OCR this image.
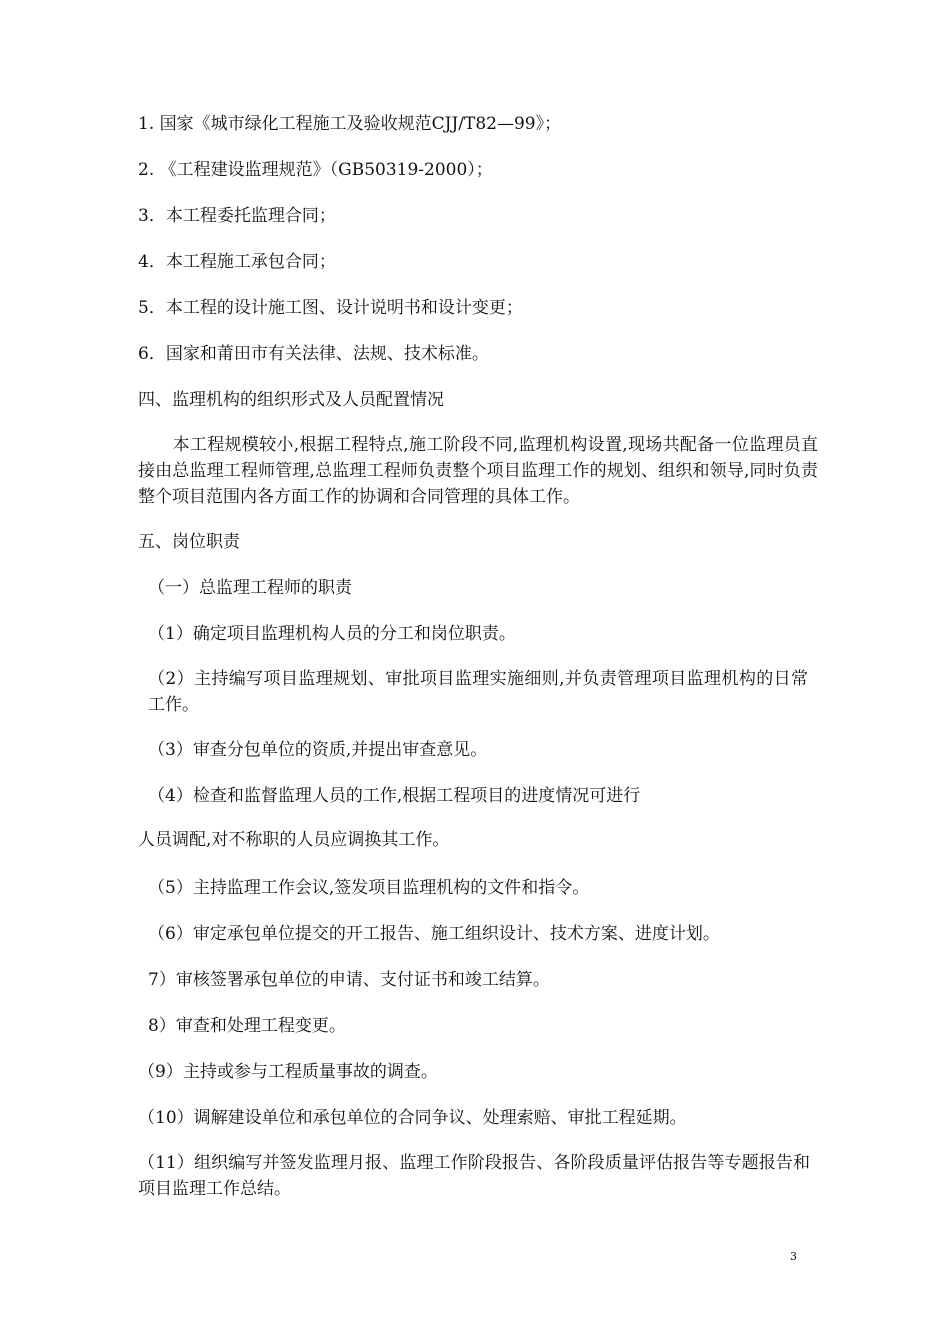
1. 国家《城市绿化工程施工及验收规范CJJ/T82—99》；
2. 《工程建设监理规范》（GB50319-2000）；
3．本工程委托监理合同；
4．本工程施工承包合同；
5．本工程的设计施工图、设计说明书和设计变更；
6．国家和莆田市有关法律、法规、技术标准。
四、监理机构的组织形式及人员配置情况
　　本工程规模较小,根据工程特点,施工阶段不同,监理机构设置,现场共配备一位监理员直接由总监理工程师管理,总监理工程师负责整个项目监理工作的规划、组织和领导,同时负责整个项目范围内各方面工作的协调和合同管理的具体工作。
五、岗位职责
（一）总监理工程师的职责
（1）确定项目监理机构人员的分工和岗位职责。
（2）主持编写项目监理规划、审批项目监理实施细则,并负责管理项目监理机构的日常工作。
（3）审查分包单位的资质,并提出审查意见。
（4）检查和监督监理人员的工作,根据工程项目的进度情况可进行
人员调配,对不称职的人员应调换其工作。
（5）主持监理工作会议,签发项目监理机构的文件和指令。
（6）审定承包单位提交的开工报告、施工组织设计、技术方案、进度计划。
7）审核签署承包单位的申请、支付证书和竣工结算。
8）审查和处理工程变更。
（9）主持或参与工程质量事故的调查。
（10）调解建设单位和承包单位的合同争议、处理索赔、审批工程延期。
（11）组织编写并签发监理月报、监理工作阶段报告、各阶段质量评估报告等专题报告和项目监理工作总结。
3
